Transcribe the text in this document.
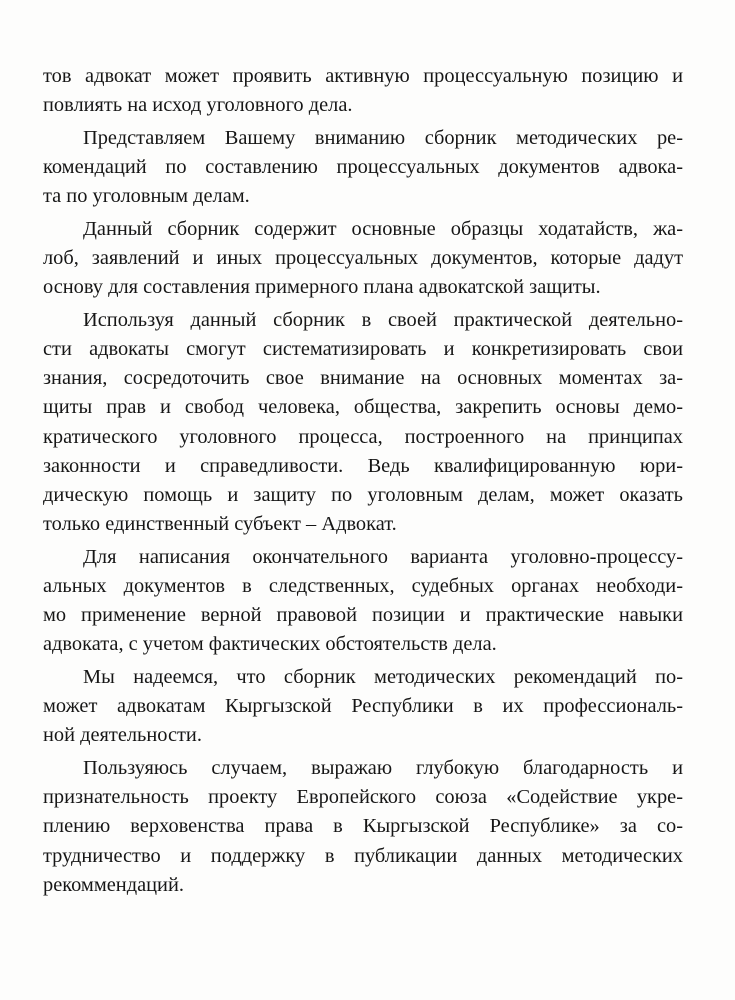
тов адвокат может проявить активную процессуальную позицию и
повлиять на исход уголовного дела.

Представляем Вашему вниманию сборник методических ре-
комендаций по составлению процессуальных документов адвока-
та по уголовным делам.

Данный сборник содержит основные образцы ходатайств, жа-
лоб, заявлений и иных процессуальных документов, которые дадут
основу для составления примерного плана адвокатской защиты.

Используя данный сборник в своей практической деятельно-
сти адвокаты смогут систематизировать и конкретизировать свои
знания, сосредоточить свое внимание на основных моментах за-
щиты прав и свобод человека, общества, закрепить основы демо-
кратического уголовного процесса, построенного на принципах
законности и справедливости. Ведь квалифицированную юри-
дическую помощь и защиту по уголовным делам, может оказать
только единственный субъект – Адвокат.

Для написания окончательного варианта уголовно-процессу-
альных документов в следственных, судебных органах необходи-
мо применение верной правовой позиции и практические навыки
адвоката, с учетом фактических обстоятельств дела.

Мы надеемся, что сборник методических рекомендаций по-
может адвокатам Кыргызской Республики в их профессиональ-
ной деятельности.

Пользуяюсь случаем, выражаю глубокую благодарность и
признательность проекту Европейского союза «Содействие укре-
плению верховенства права в Кыргызской Республике» за со-
трудничество и поддержку в публикации данных методических
рекоммендаций.
